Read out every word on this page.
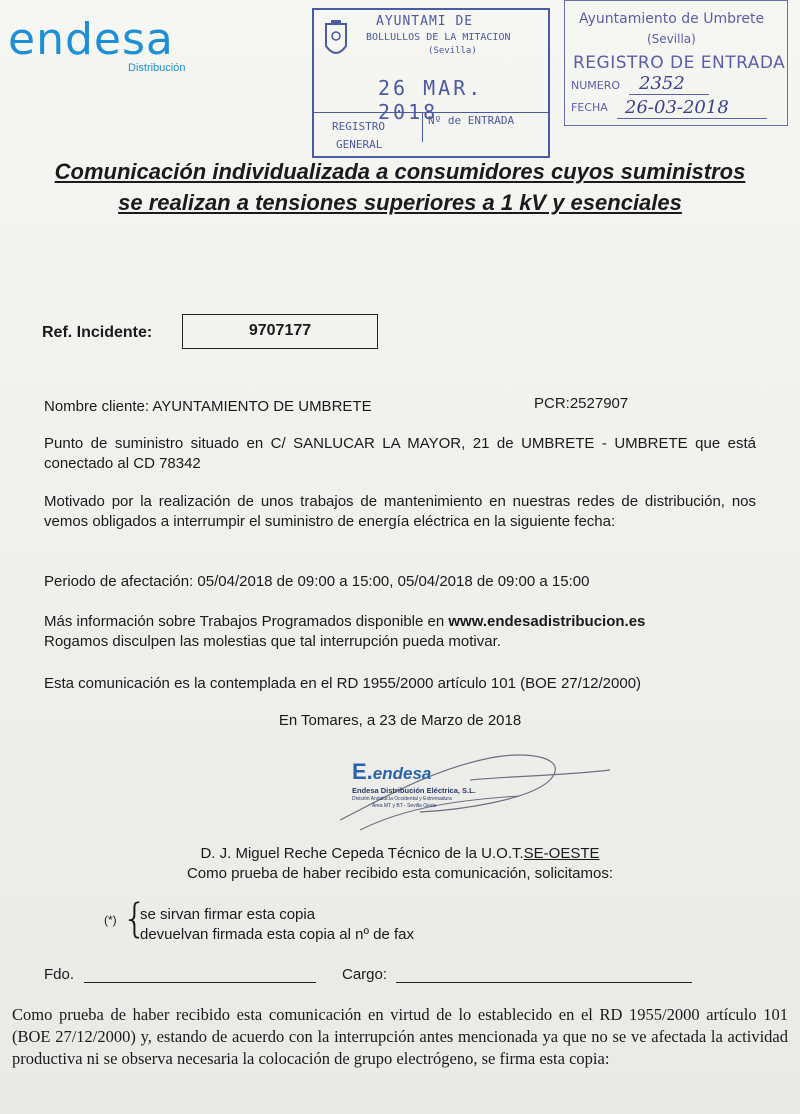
endesa
Distribución
AYUNTAMI DE
BOLLULLOS DE LA MITACION
(Sevilla)
26 MAR. 2018
REGISTRO	Nº de ENTRADA
GENERAL
Ayuntamiento de Umbrete
(Sevilla)
REGISTRO DE ENTRADA
NUMERO 2352
FECHA 26-03-2018
Comunicación individualizada a consumidores cuyos suministros se realizan a tensiones superiores a 1 kV y esenciales
Ref. Incidente:	9707177
Nombre cliente: AYUNTAMIENTO DE UMBRETE	PCR:2527907
Punto de suministro situado en C/ SANLUCAR LA MAYOR, 21 de UMBRETE - UMBRETE que está conectado al CD 78342
Motivado por la realización de unos trabajos de mantenimiento en nuestras redes de distribución, nos vemos obligados a interrumpir el suministro de energía eléctrica en la siguiente fecha:
Periodo de afectación: 05/04/2018 de 09:00 a 15:00, 05/04/2018 de 09:00 a 15:00
Más información sobre Trabajos Programados disponible en www.endesadistribucion.es
Rogamos disculpen las molestias que tal interrupción pueda motivar.
Esta comunicación es la contemplada en el RD 1955/2000 artículo 101 (BOE 27/12/2000)
En Tomares, a 23 de Marzo de 2018
E.endesa
Endesa Distribución Eléctrica, S.L.
División Andalucía Occidental y Extremadura
Área MT y BT - Sevilla Oeste
D. J. Miguel Reche Cepeda Técnico de la U.O.T.SE-OESTE
Como prueba de haber recibido esta comunicación, solicitamos:
(*) {
se sirvan firmar esta copia
devuelvan firmada esta copia al nº de fax
Fdo.	Cargo:
Como prueba de haber recibido esta comunicación en virtud de lo establecido en el RD 1955/2000 artículo 101 (BOE 27/12/2000) y, estando de acuerdo con la interrupción antes mencionada ya que no se ve afectada la actividad productiva ni se observa necesaria la colocación de grupo electrógeno, se firma esta copia:
